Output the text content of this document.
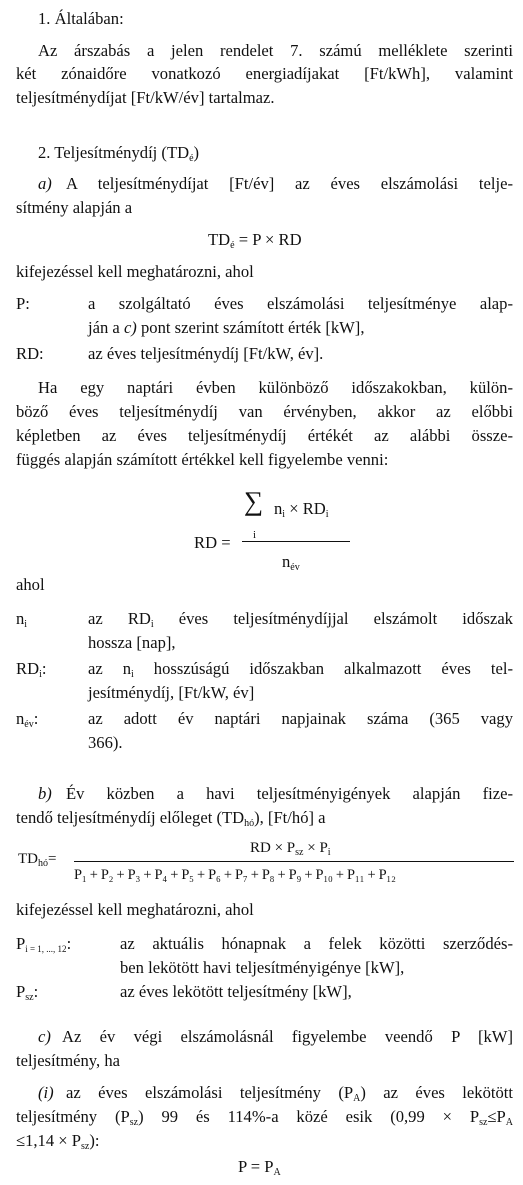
1. Általában:
Az árszabás a jelen rendelet 7. számú melléklete szerinti
két zónaidőre vonatkozó energiadíjakat [Ft/kWh], valamint
teljesítménydíjat [Ft/kW/év] tartalmaz.
2. Teljesítménydíj $(TD_é)$
a) A teljesítménydíjat [Ft/év] az éves elszámolási telje-
sítmény alapján a
$TD_é = P$ × RD
kifejezéssel kell meghatározni, ahol
P:	a szolgáltató éves elszámolási teljesítménye alap-
ján a c) pont szerint számított érték [kW],
RD:	az éves teljesítménydíj [Ft/kW, év].
Ha egy naptári évben különböző időszakokban, külön-
böző éves teljesítménydíj van érvényben, akkor az előbbi
képletben az éves teljesítménydíj értékét az alábbi össze-
függés alapján számított értékkel kell figyelembe venni:
∑
i
$n_i \times RD_i$
RD =
$n_{év}$
ahol
$n_i$	az $RD_i$ éves teljesítménydíjjal elszámolt időszak
hossza [nap],
$RD_i$:	az $n_i$ hosszúságú időszakban alkalmazott éves tel-
jesítménydíj, [Ft/kW, év]
$n_{év}$:	az adott év naptári napjainak száma (365 vagy
366).
b) Év közben a havi teljesítményigények alapján fize-
tendő teljesítménydíj előleget $(TD_{hó})$, [Ft/hó] a
$TD_{hó}=$
RD × $P_{sz} \times P_i$
P₁ + P₂ + P₃ + P₄ + P₅ + P₆ + P₇ + P₈ + P₉ + P₁₀ + P₁₁ + P₁₂
kifejezéssel kell meghatározni, ahol
$P_{i = 1, ..., 12}$:	az aktuális hónapnak a felek közötti szerződés-
ben lekötött havi teljesítményigénye [kW],
$P_{sz}$:	az éves lekötött teljesítmény [kW],
c) Az év végi elszámolásnál figyelembe veendő P [kW]
teljesítmény, ha
(i) az éves elszámolási teljesítmény $(P_A)$ az éves lekötött
teljesítmény $(P_{sz})$ 99 és 114%-a közé esik ($0,99 \times P_{sz}\le P_A$
$\le 1,14 \times P_{sz}$):
$P = P_A$
